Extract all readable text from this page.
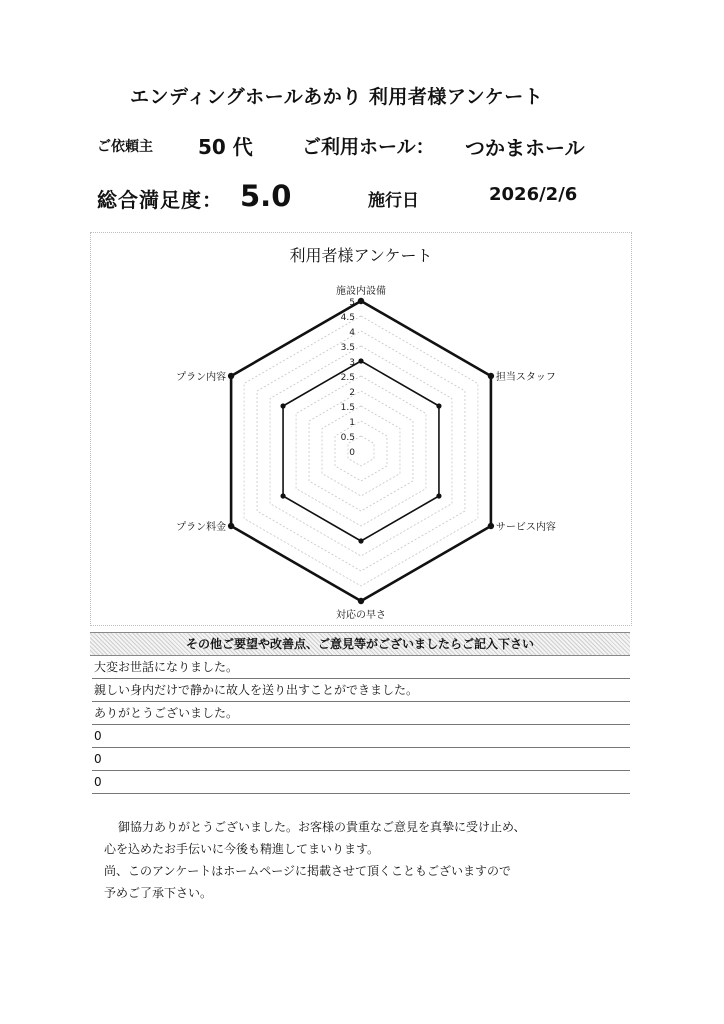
エンディングホールあかり 利用者様アンケート
ご依頼主 50 代	ご利用ホール： つかまホール
総合満足度： 5.0	施行日	2026/2/6
利用者様アンケート
0
0.5
1
1.5
2
2.5
3
3.5
4
4.5
5
施設内設備
担当スタッフ
サービス内容
対応の早さ
プラン料金
プラン内容
その他ご要望や改善点、ご意見等がございましたらご記入下さい
大変お世話になりました。
親しい身内だけで静かに故人を送り出すことができました。
ありがとうございました。
0
0
0
御協力ありがとうございました。お客様の貴重なご意見を真摯に受け止め、
心を込めたお手伝いに今後も精進してまいります。
尚、このアンケートはホームページに掲載させて頂くこともございますので
予めご了承下さい。
